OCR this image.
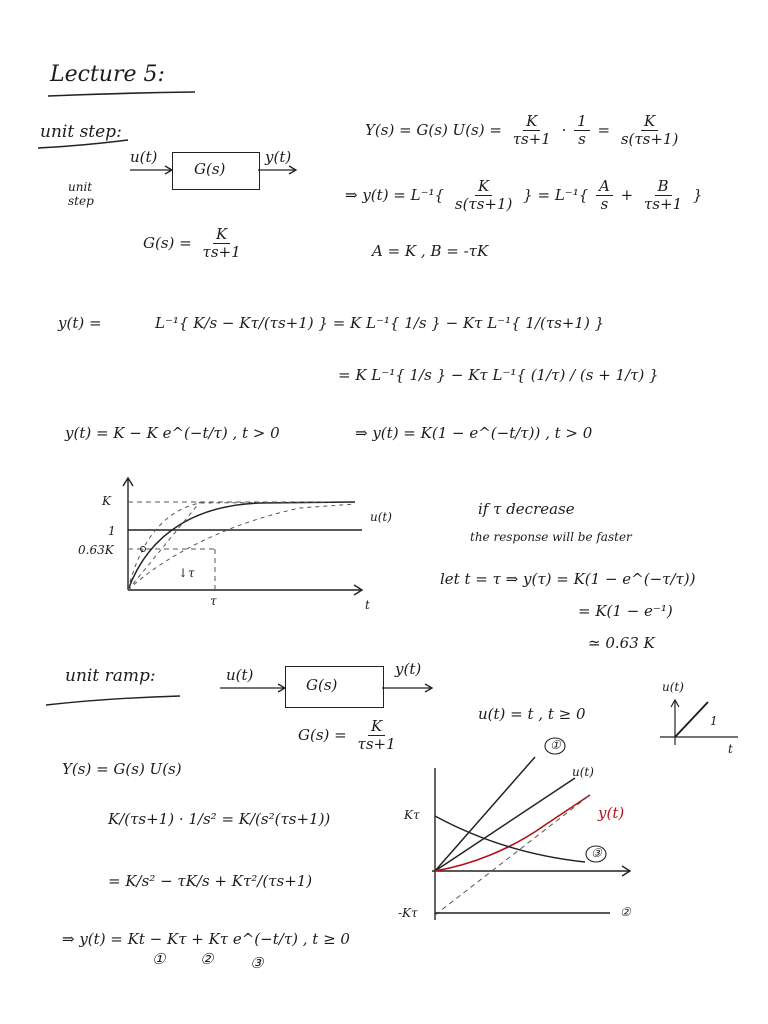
Lecture 5:
unit step:
u(t)
G(s)
y(t)
unit step
$G(s) = \frac{K}{\tau s+1}$
Y(s) = G(s) $U(s) = \frac{K}{\tau s+1} \cdot \frac{1}{s} = \frac{K}{s(\tau s+1)}$
⇒ $y(t) = L^{-1}\{ \frac{K}{s(\tau s+1)}$ } = $L^{-1}\{ \frac{A}{s} + \frac{B}{\tau s+1}$ }
A = K , B = -τK
y(t) =	L⁻¹{ K/s − Kτ/(τs+1) } = K L⁻¹{ 1/s } − Kτ L⁻¹{ 1/(τs+1) }
= K L⁻¹{ 1/s } − Kτ L⁻¹{ (1/τ) / (s + 1/τ) }
y(t) = K − K e^(−t/τ) , t > 0	⇒ y(t) = K(1 − e^(−t/τ)) , t > 0
K
1
0.63K
τ	t
u(t)
↓τ
if τ decrease
the response will be faster
let t = τ ⇒ y(τ) = K(1 − e^(−τ/τ))
= K(1 − e⁻¹)
≃ 0.63 K
unit ramp:	u(t)
G(s)
y(t)
$G(s) = \frac{K}{\tau s+1}$
u(t) = t , t ≥ 0
u(t)
1
t
Y(s) = G(s) U(s)
K/(τs+1) · 1/s² = K/(s²(τs+1))
= K/s² − τK/s + Kτ²/(τs+1)
⇒ y(t) = Kt − Kτ + Kτ e^(−t/τ) , t ≥ 0
① ② ③
Kτ
-Kτ
①
u(t)
y(t)
③
②
